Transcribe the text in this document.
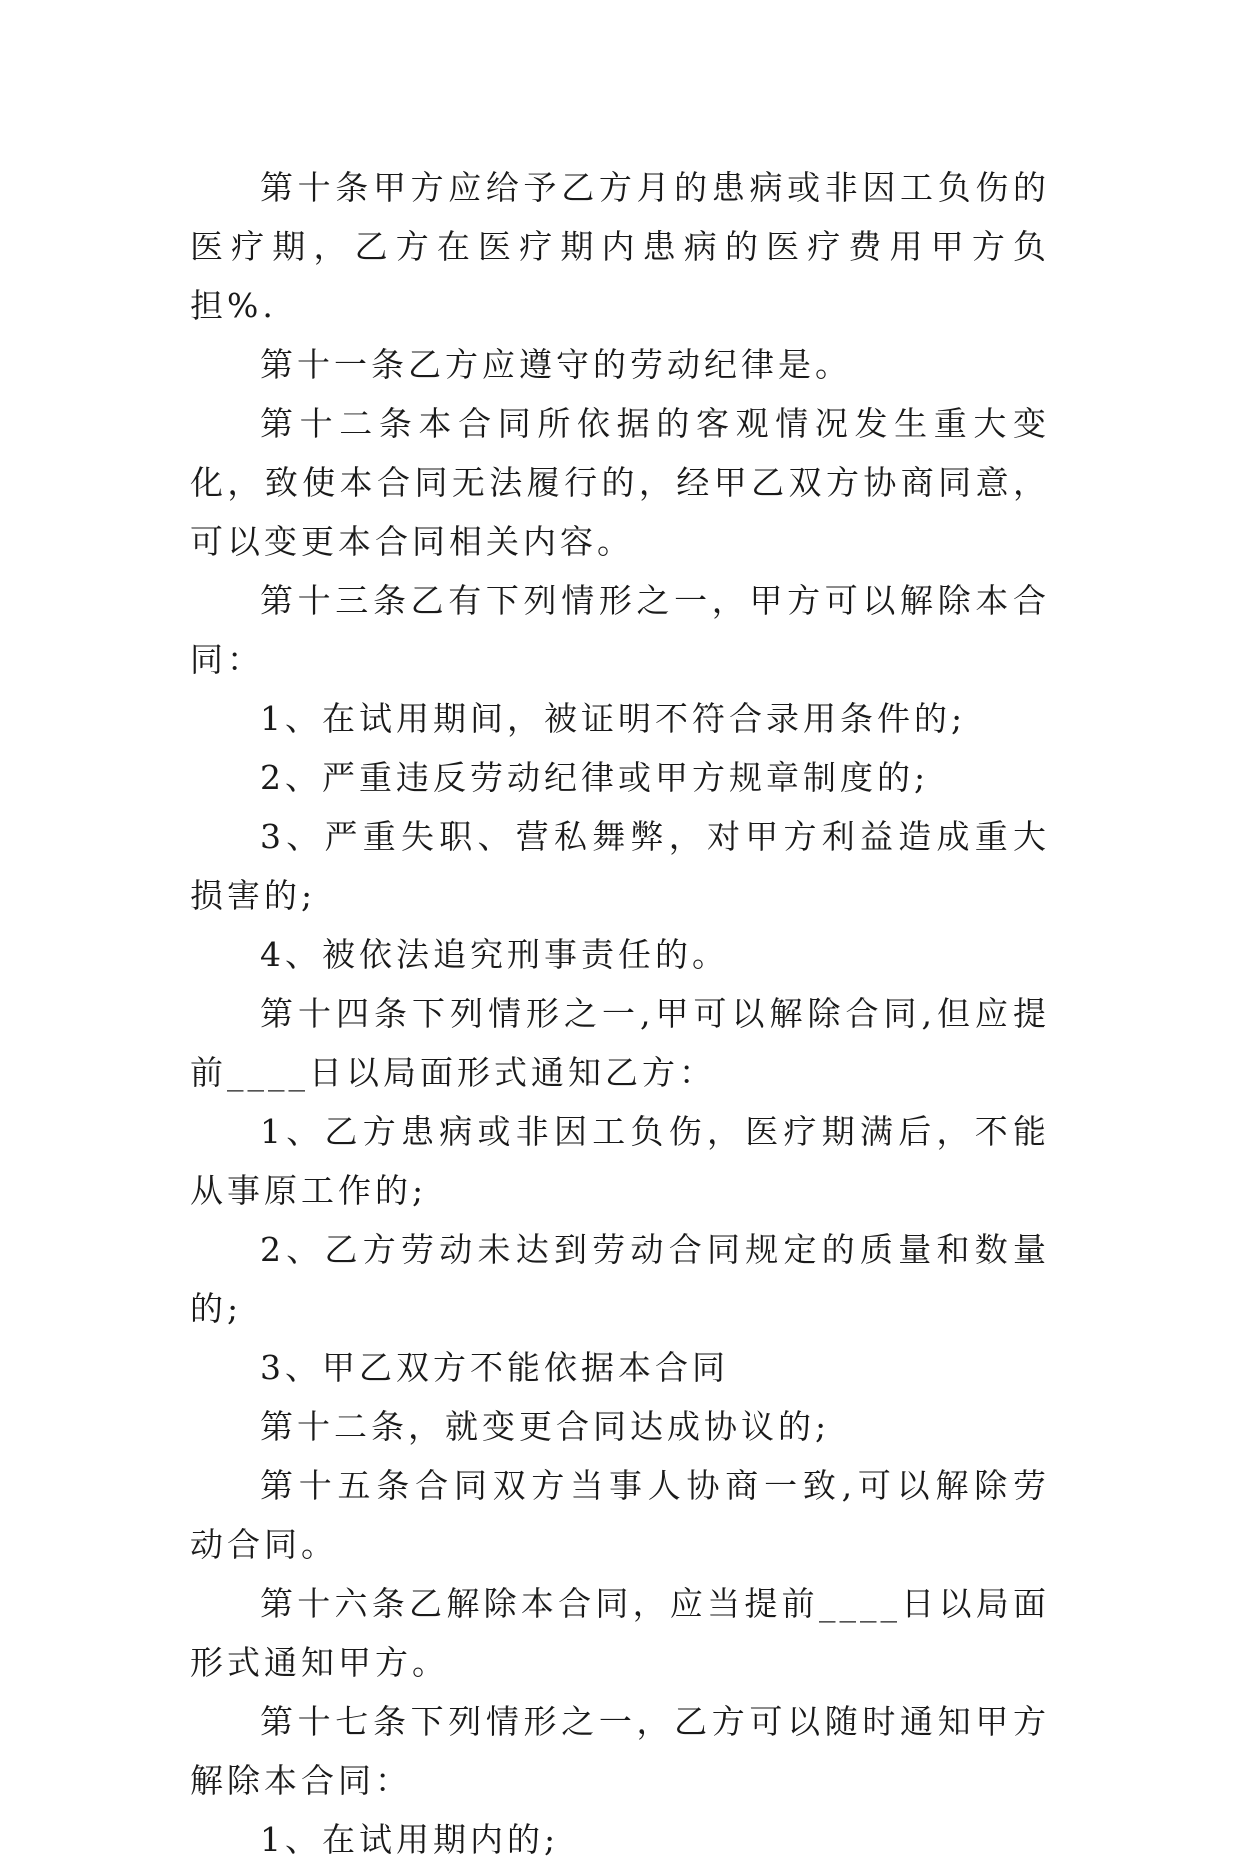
第十条甲方应给予乙方月的患病或非因工负伤的医疗期，乙方在医疗期内患病的医疗费用甲方负担%.

第十一条乙方应遵守的劳动纪律是。

第十二条本合同所依据的客观情况发生重大变化，致使本合同无法履行的，经甲乙双方协商同意，可以变更本合同相关内容。

第十三条乙有下列情形之一，甲方可以解除本合同：

1、在试用期间，被证明不符合录用条件的;

2、严重违反劳动纪律或甲方规章制度的;

3、严重失职、营私舞弊，对甲方利益造成重大损害的;

4、被依法追究刑事责任的。

第十四条下列情形之一,甲可以解除合同,但应提前____日以局面形式通知乙方：

1、乙方患病或非因工负伤，医疗期满后，不能从事原工作的;

2、乙方劳动未达到劳动合同规定的质量和数量的;

3、甲乙双方不能依据本合同

第十二条，就变更合同达成协议的;

第十五条合同双方当事人协商一致,可以解除劳动合同。

第十六条乙解除本合同，应当提前____日以局面形式通知甲方。

第十七条下列情形之一，乙方可以随时通知甲方解除本合同：

1、在试用期内的;
